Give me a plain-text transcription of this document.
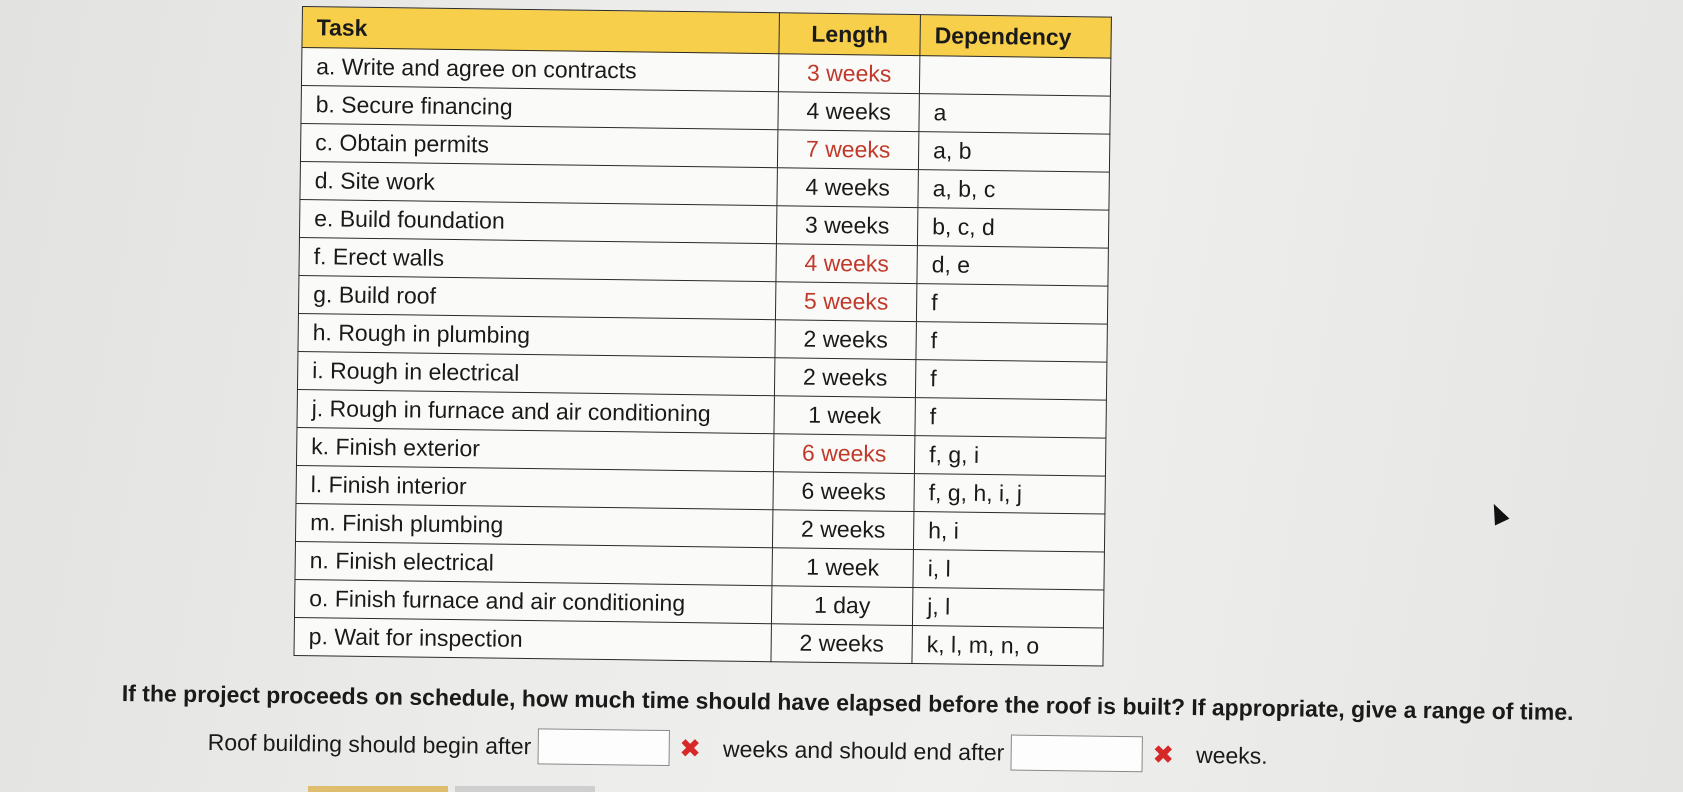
Task	Length	Dependency
a. Write and agree on contracts	3 weeks	
b. Secure financing	4 weeks	a
c. Obtain permits	7 weeks	a, b
d. Site work	4 weeks	a, b, c
e. Build foundation	3 weeks	b, c, d
f. Erect walls	4 weeks	d, e
g. Build roof	5 weeks	f
h. Rough in plumbing	2 weeks	f
i. Rough in electrical	2 weeks	f
j. Rough in furnace and air conditioning	1 week	f
k. Finish exterior	6 weeks	f, g, i
l. Finish interior	6 weeks	f, g, h, i, j
m. Finish plumbing	2 weeks	h, i
n. Finish electrical	1 week	i, l
o. Finish furnace and air conditioning	1 day	j, l
p. Wait for inspection	2 weeks	k, l, m, n, o
If the project proceeds on schedule, how much time should have elapsed before the roof is built? If appropriate, give a range of time.
Roof building should begin after	✖ weeks and should end after	✖ weeks.
